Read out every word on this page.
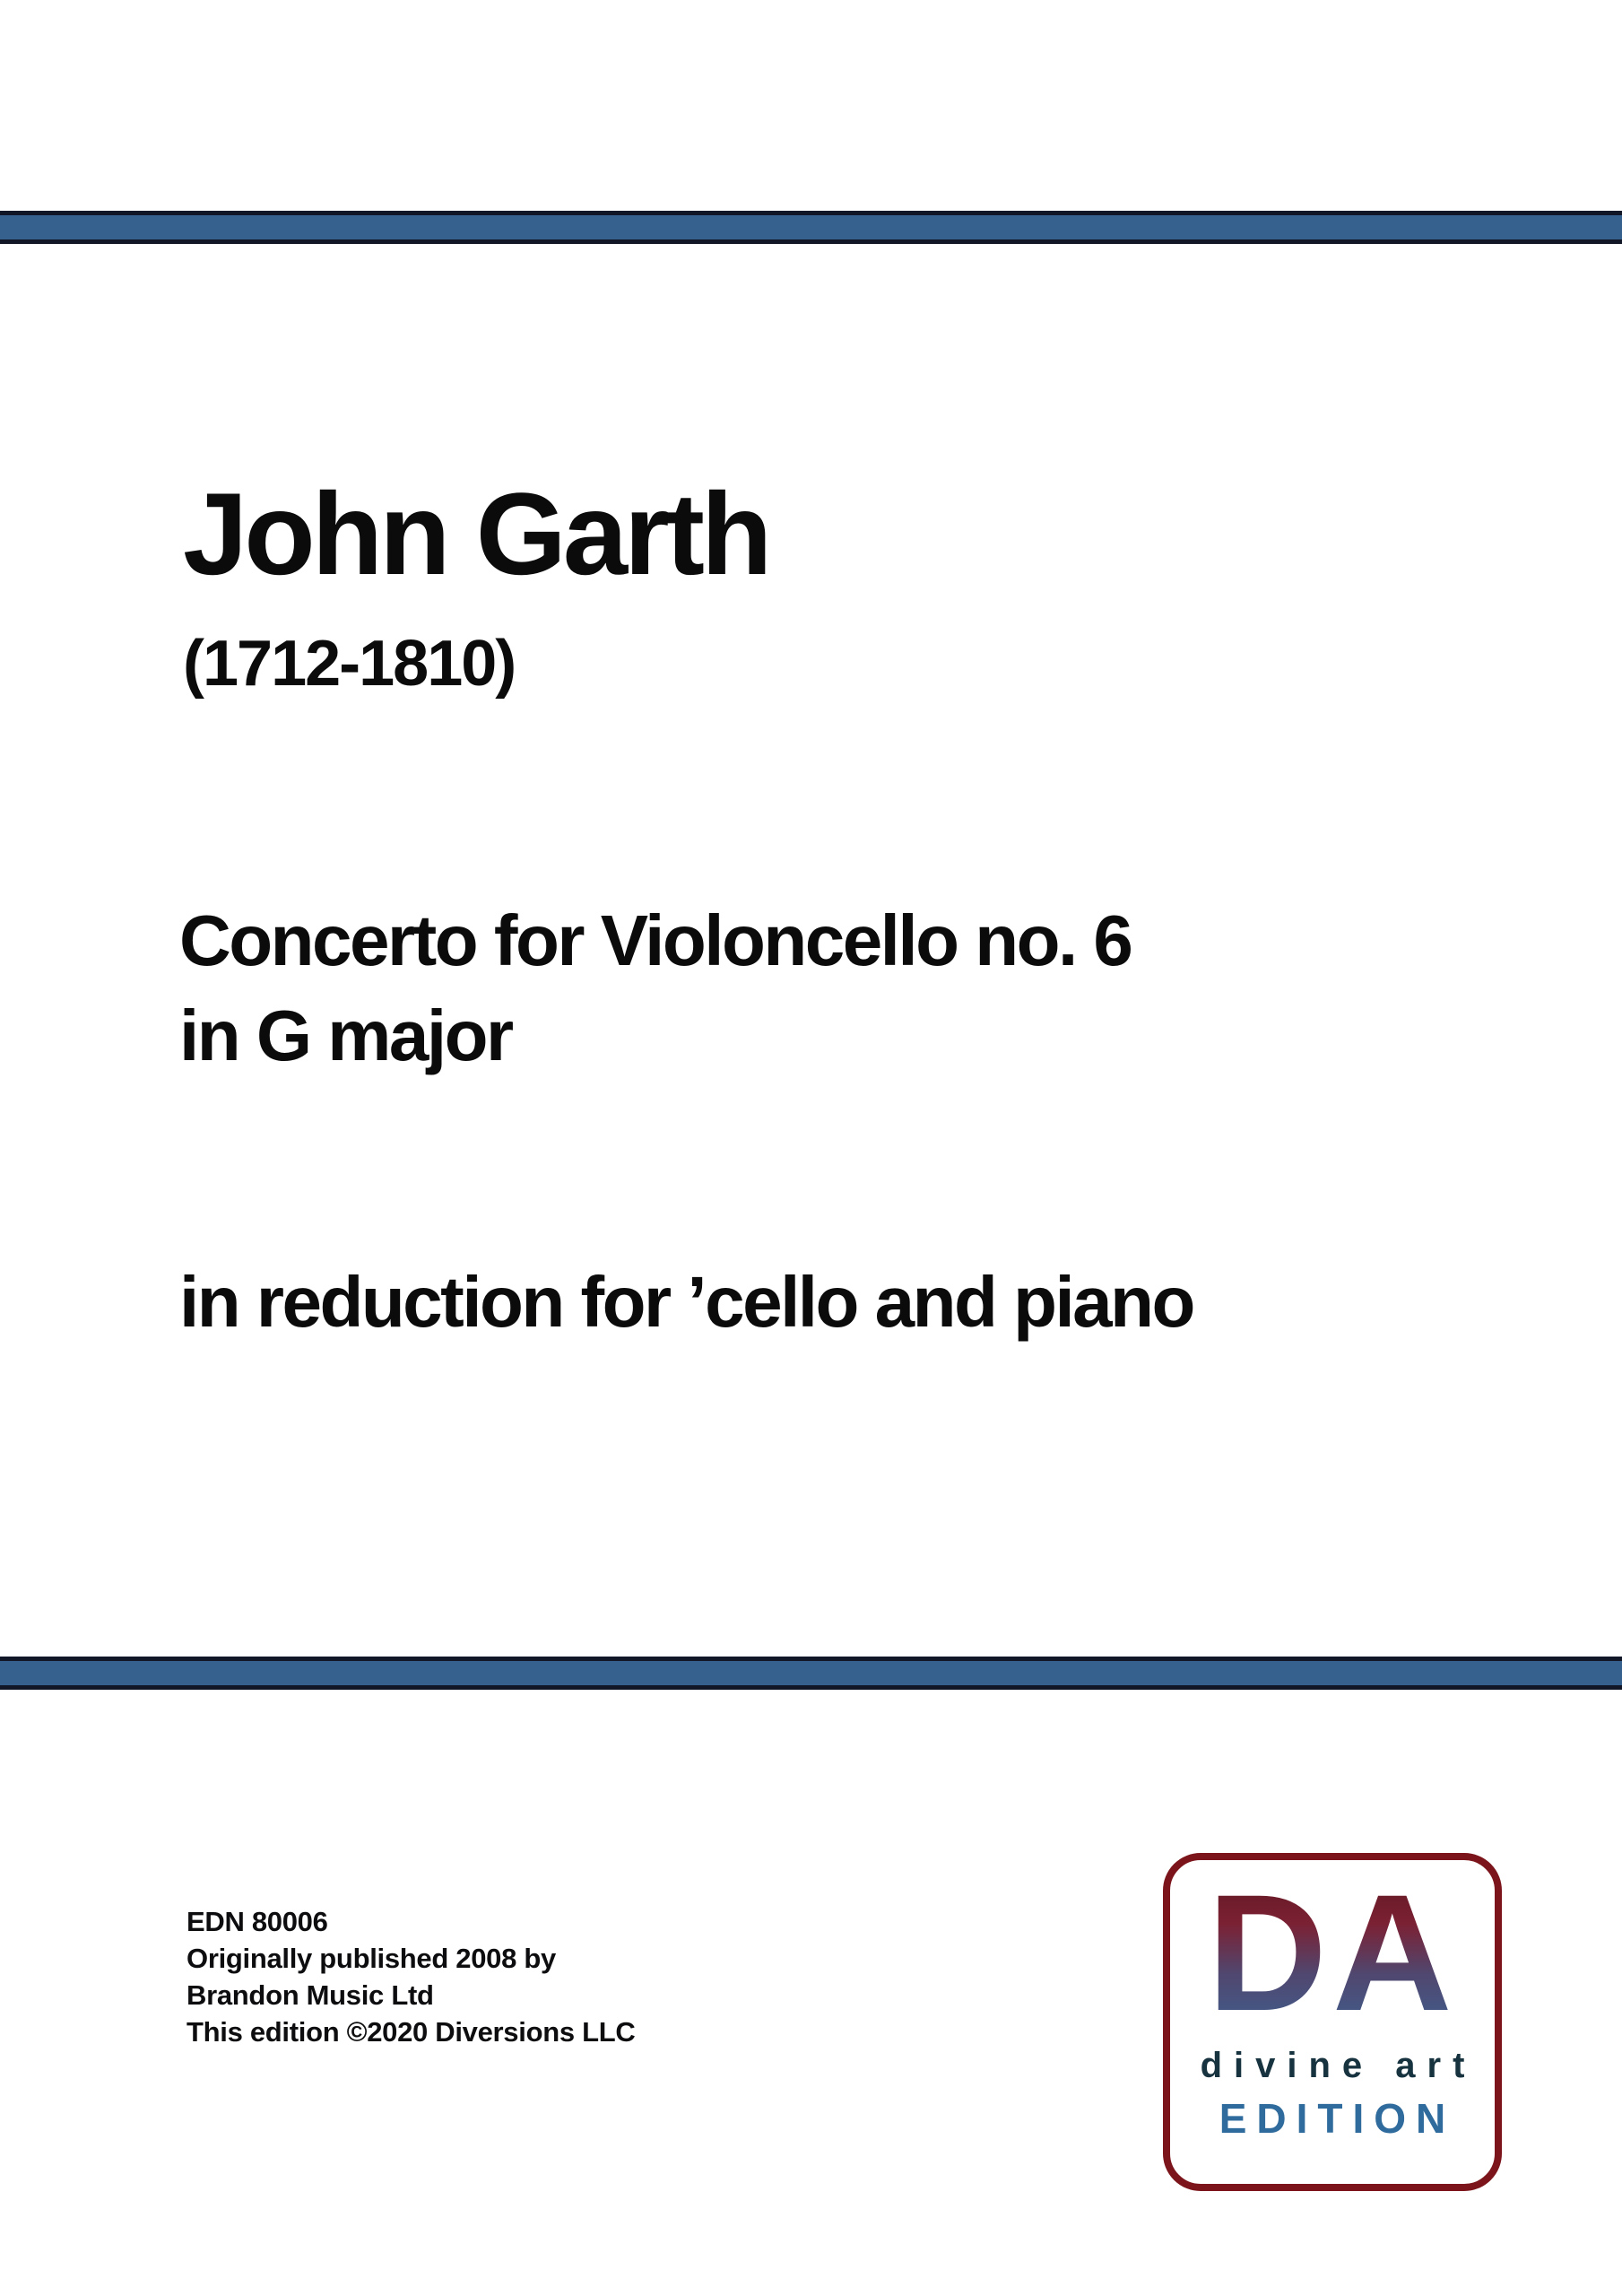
John Garth
(1712-1810)
Concerto for Violoncello no. 6
in G major
in reduction for ’cello and piano
EDN 80006
Originally published 2008 by
Brandon Music Ltd
This edition ©2020 Diversions LLC	DA
divine art
EDITION
